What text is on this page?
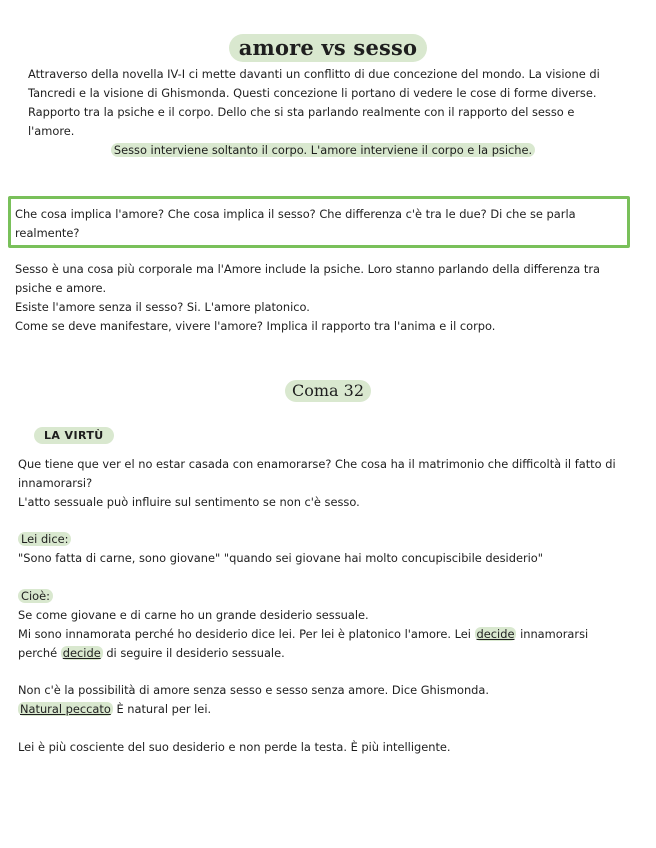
amore vs sesso

Attraverso della novella IV-I ci mette davanti un conflitto di due concezione del mondo. La visione di Tancredi e la visione di Ghismonda. Questi concezione li portano di vedere le cose di forme diverse.

Rapporto tra la psiche e il corpo. Dello che si sta parlando realmente con il rapporto del sesso e l'amore.

Sesso interviene soltanto il corpo. L'amore interviene il corpo e la psiche.

Che cosa implica l'amore? Che cosa implica il sesso? Che differenza c'è tra le due? Di che se parla realmente?

Sesso è una cosa più corporale ma l'Amore include la psiche. Loro stanno parlando della differenza tra psiche e amore.

Esiste l'amore senza il sesso? Si. L'amore platonico.

Come se deve manifestare, vivere l'amore? Implica il rapporto tra l'anima e il corpo.

Coma 32
LA VIRTÙ

Que tiene que ver el no estar casada con enamorarse? Che cosa ha il matrimonio che difficoltà il fatto di innamorarsi?

L'atto sessuale può influire sul sentimento se non c'è sesso.

Lei dice:

"Sono fatta di carne, sono giovane" "quando sei giovane hai molto concupiscibile desiderio"

Cioè:

Se come giovane e di carne ho un grande desiderio sessuale.

Mi sono innamorata perché ho desiderio dice lei. Per lei è platonico l'amore. Lei decide innamorarsi perché decide di seguire il desiderio sessuale.

Non c'è la possibilità di amore senza sesso e sesso senza amore. Dice Ghismonda.

Natural peccato È natural per lei.

Lei è più cosciente del suo desiderio e non perde la testa. È più intelligente.
